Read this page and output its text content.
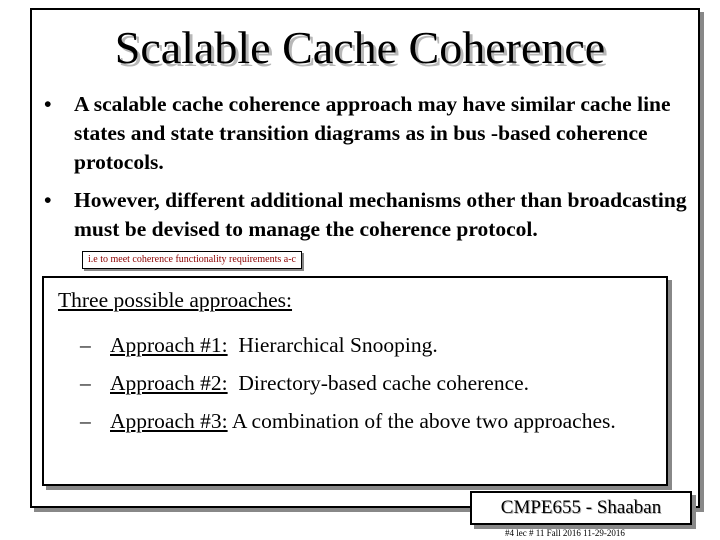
Scalable Cache Coherence
• A scalable cache coherence approach may have similar cache line states and state transition diagrams as in bus -based coherence protocols.
• However, different additional mechanisms other than broadcasting must be devised to manage the coherence protocol.i.e to meet coherence functionality requirements a-c
Three possible approaches:
– Approach #1: Hierarchical Snooping.
– Approach #2: Directory-based cache coherence.
– Approach #3: A combination of the above two approaches.
CMPE655 - Shaaban
#4 lec # 11 Fall 2016 11-29-2016
